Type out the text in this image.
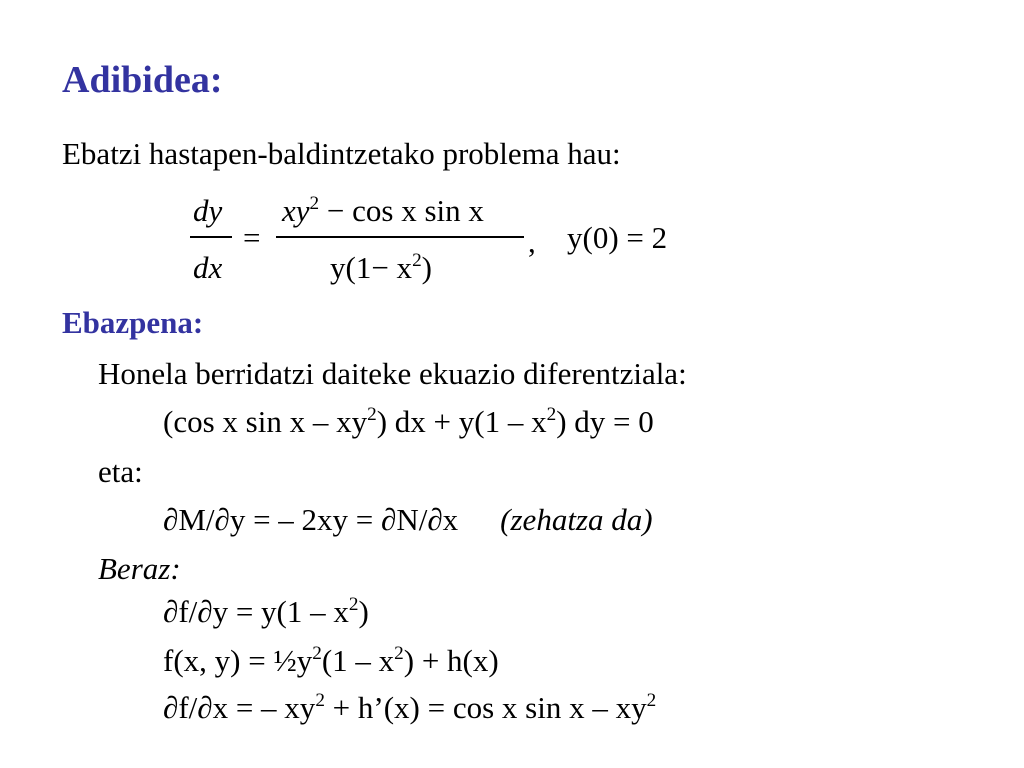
Adibidea:
Ebatzi hastapen-baldintzetako problema hau:
dy
dx
=
$xy^2 - \cos x$ sin x
$y(1- x^2)$
, y(0) = 2
Ebazpena:
Honela berridatzi daiteke ekuazio diferentziala:
(cos x sin x – $xy^2$) dx + $y(1 - x^2)$ dy = 0
eta:
∂M/∂y = – 2xy = ∂N/∂x (zehatza da)
Beraz:
$\partial f/\partial y = y(1 - x^2)$
f(x, $y) = \frac{1}{2}y^2(1 - x^2) + h(x)$
∂f/∂x = – $xy^2$ + h’(x) = cos x sin x – $xy^2$
